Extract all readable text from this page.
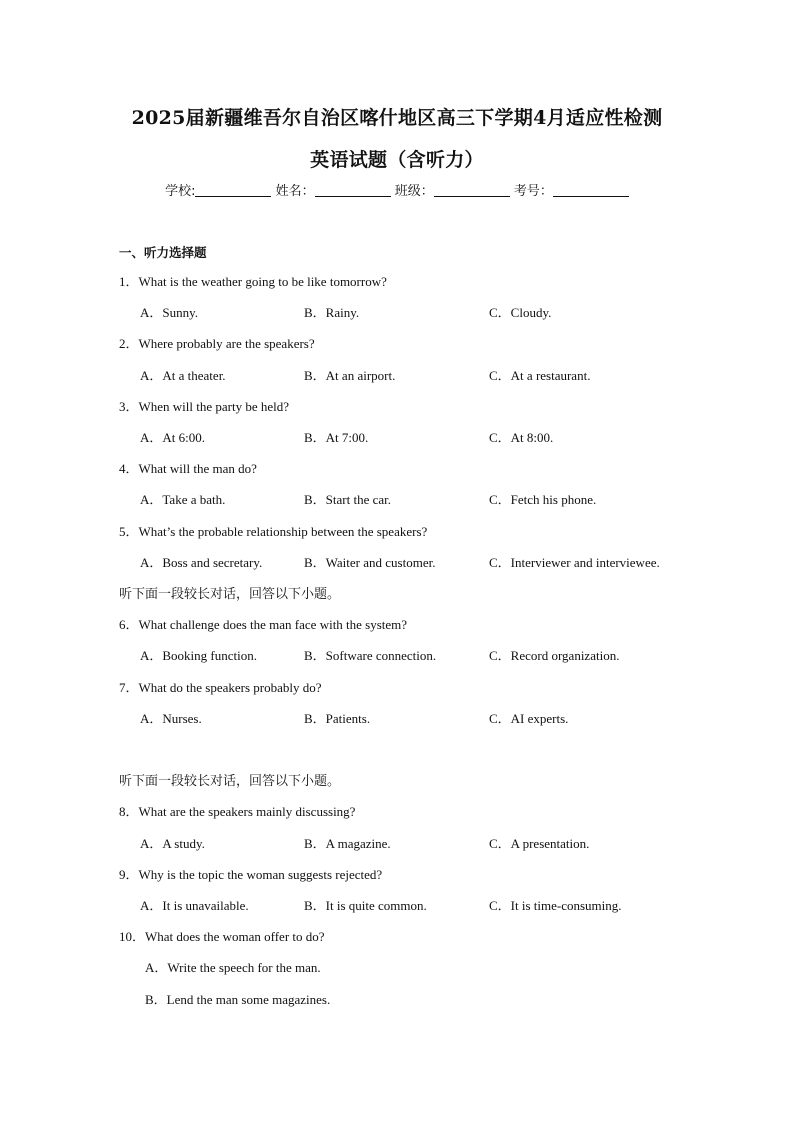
2025届新疆维吾尔自治区喀什地区高三下学期4月适应性检测
英语试题（含听力）
学校:	姓名：	班级：	考号：
一、听力选择题
1．What is the weather going to be like tomorrow?
A．Sunny.	B．Rainy.	C．Cloudy.
2．Where probably are the speakers?
A．At a theater.	B．At an airport.	C．At a restaurant.
3．When will the party be held?
A．At 6:00.	B．At 7:00.	C．At 8:00.
4．What will the man do?
A．Take a bath.	B．Start the car.	C．Fetch his phone.
5．What’s the probable relationship between the speakers?
A．Boss and secretary.	B．Waiter and customer.	C．Interviewer and interviewee.
听下面一段较长对话，回答以下小题。
6．What challenge does the man face with the system?
A．Booking function.	B．Software connection.	C．Record organization.
7．What do the speakers probably do?
A．Nurses.	B．Patients.	C．AI experts.
听下面一段较长对话，回答以下小题。
8．What are the speakers mainly discussing?
A．A study.	B．A magazine.	C．A presentation.
9．Why is the topic the woman suggests rejected?
A．It is unavailable.	B．It is quite common.	C．It is time-consuming.
10．What does the woman offer to do?
A．Write the speech for the man.
B．Lend the man some magazines.
